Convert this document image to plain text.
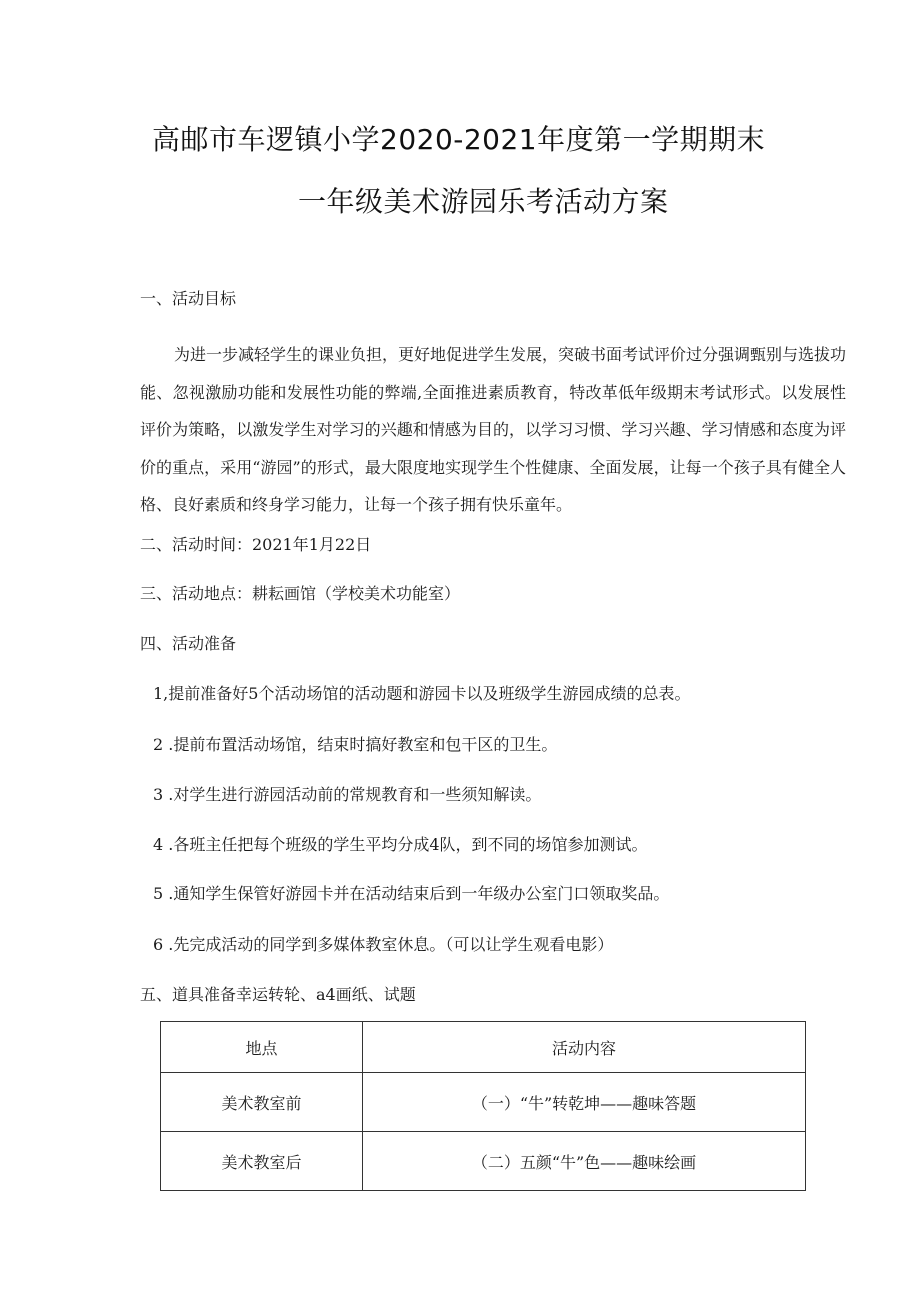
高邮市车逻镇小学2020-2021年度第一学期期末
一年级美术游园乐考活动方案

一、活动目标

为进一步减轻学生的课业负担，更好地促进学生发展，突破书面考试评价过分强调甄别与选拔功能、忽视激励功能和发展性功能的弊端,全面推进素质教育，特改革低年级期末考试形式。以发展性评价为策略，以激发学生对学习的兴趣和情感为目的，以学习习惯、学习兴趣、学习情感和态度为评价的重点，采用“游园”的形式，最大限度地实现学生个性健康、全面发展，让每一个孩子具有健全人格、良好素质和终身学习能力，让每一个孩子拥有快乐童年。

二、活动时间：2021年1月22日

三、活动地点：耕耘画馆（学校美术功能室）

四、活动准备

1,提前准备好5个活动场馆的活动题和游园卡以及班级学生游园成绩的总表。

2 .提前布置活动场馆，结束时搞好教室和包干区的卫生。

3 .对学生进行游园活动前的常规教育和一些须知解读。

4 .各班主任把每个班级的学生平均分成4队，到不同的场馆参加测试。

5 .通知学生保管好游园卡并在活动结束后到一年级办公室门口领取奖品。

6 .先完成活动的同学到多媒体教室休息。（可以让学生观看电影）

五、道具准备幸运转轮、a4画纸、试题

地点	活动内容
美术教室前	（一）“牛”转乾坤——趣味答题
美术教室后	（二）五颜“牛”色——趣味绘画
